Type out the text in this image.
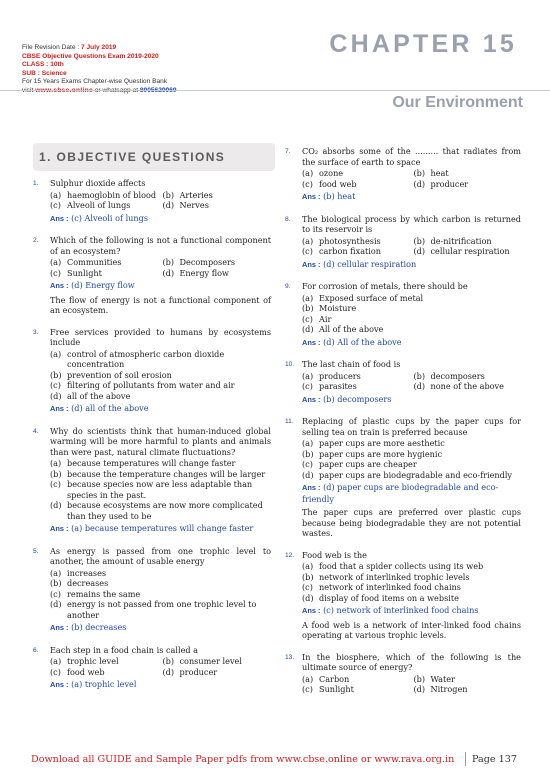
File Revision Date : 7 July 2019
CBSE Objective Questions Exam 2019-2020
CLASS : 10th
SUB : Science
For 15 Years Exams Chapter-wise Question Bank
CHAPTER 15
Our Environment
1. OBJECTIVE QUESTIONS
1. Sulphur dioxide affects
(a) haemoglobin of blood (b) Arteries
(c) Alveoli of lungs	(d) Nerves
Ans : (c) Alveoli of lungs
2. Which of the following is not a functional component of an ecosystem?
(a) Communities	(b) Decomposers
(c) Sunlight	(d) Energy flow
Ans : (d) Energy flow
The flow of energy is not a functional component of an ecosystem.
3. Free services provided to humans by ecosystems include
(a) control of atmospheric carbon dioxide concentration
(b) prevention of soil erosion
(c) filtering of pollutants from water and air
(d) all of the above
Ans : (d) all of the above
4. Why do scientists think that human-induced global warming will be more harmful to plants and animals than were past, natural climate fluctuations?
(a) because temperatures will change faster
(b) because the temperature changes will be larger
(c) because species now are less adaptable than species in the past.
(d) because ecosystems are now more complicated than they used to be
Ans : (a) because temperatures will change faster
5. As energy is passed from one trophic level to another, the amount of usable energy
(a) increases
(b) decreases
(c) remains the same
(d) energy is not passed from one trophic level to another
Ans : (b) decreases
6. Each step in a food chain is called a
(a) trophic level	(b) consumer level
(c) food web	(d) producer
Ans : (a) trophic level
7. CO₂ absorbs some of the ......... that radiates from the surface of earth to space
(a) ozone	(b) heat
(c) food web	(d) producer
Ans : (b) heat
8. The biological process by which carbon is returned to its reservoir is
(a) photosynthesis	(b) de-nitrification
(c) carbon fixation	(d) cellular respiration
Ans : (d) cellular respiration
9. For corrosion of metals, there should be
(a) Exposed surface of metal
(b) Moisture
(c) Air
(d) All of the above
Ans : (d) All of the above
10. The last chain of food is
(a) producers	(b) decomposers
(c) parasites	(d) none of the above
Ans : (b) decomposers
11. Replacing of plastic cups by the paper cups for selling tea on train is preferred because
(a) paper cups are more aesthetic
(b) paper cups are more hygienic
(c) paper cups are cheaper
(d) paper cups are biodegradable and eco-friendly
Ans : (d) paper cups are biodegradable and eco-friendly
The paper cups are preferred over plastic cups because being biodegradable they are not potential wastes.
12. Food web is the
(a) food that a spider collects using its web
(b) network of interlinked trophic levels
(c) network of interlinked food chains
(d) display of food items on a website
Ans : (c) network of interlinked food chains
A food web is a network of inter-linked food chains operating at various trophic levels.
13. In the biosphere, which of the following is the ultimate source of energy?
(a) Carbon	(b) Water
(c) Sunlight	(d) Nitrogen
Download all GUIDE and Sample Paper pdfs from www.cbse.online or www.rava.org.in Page 137
